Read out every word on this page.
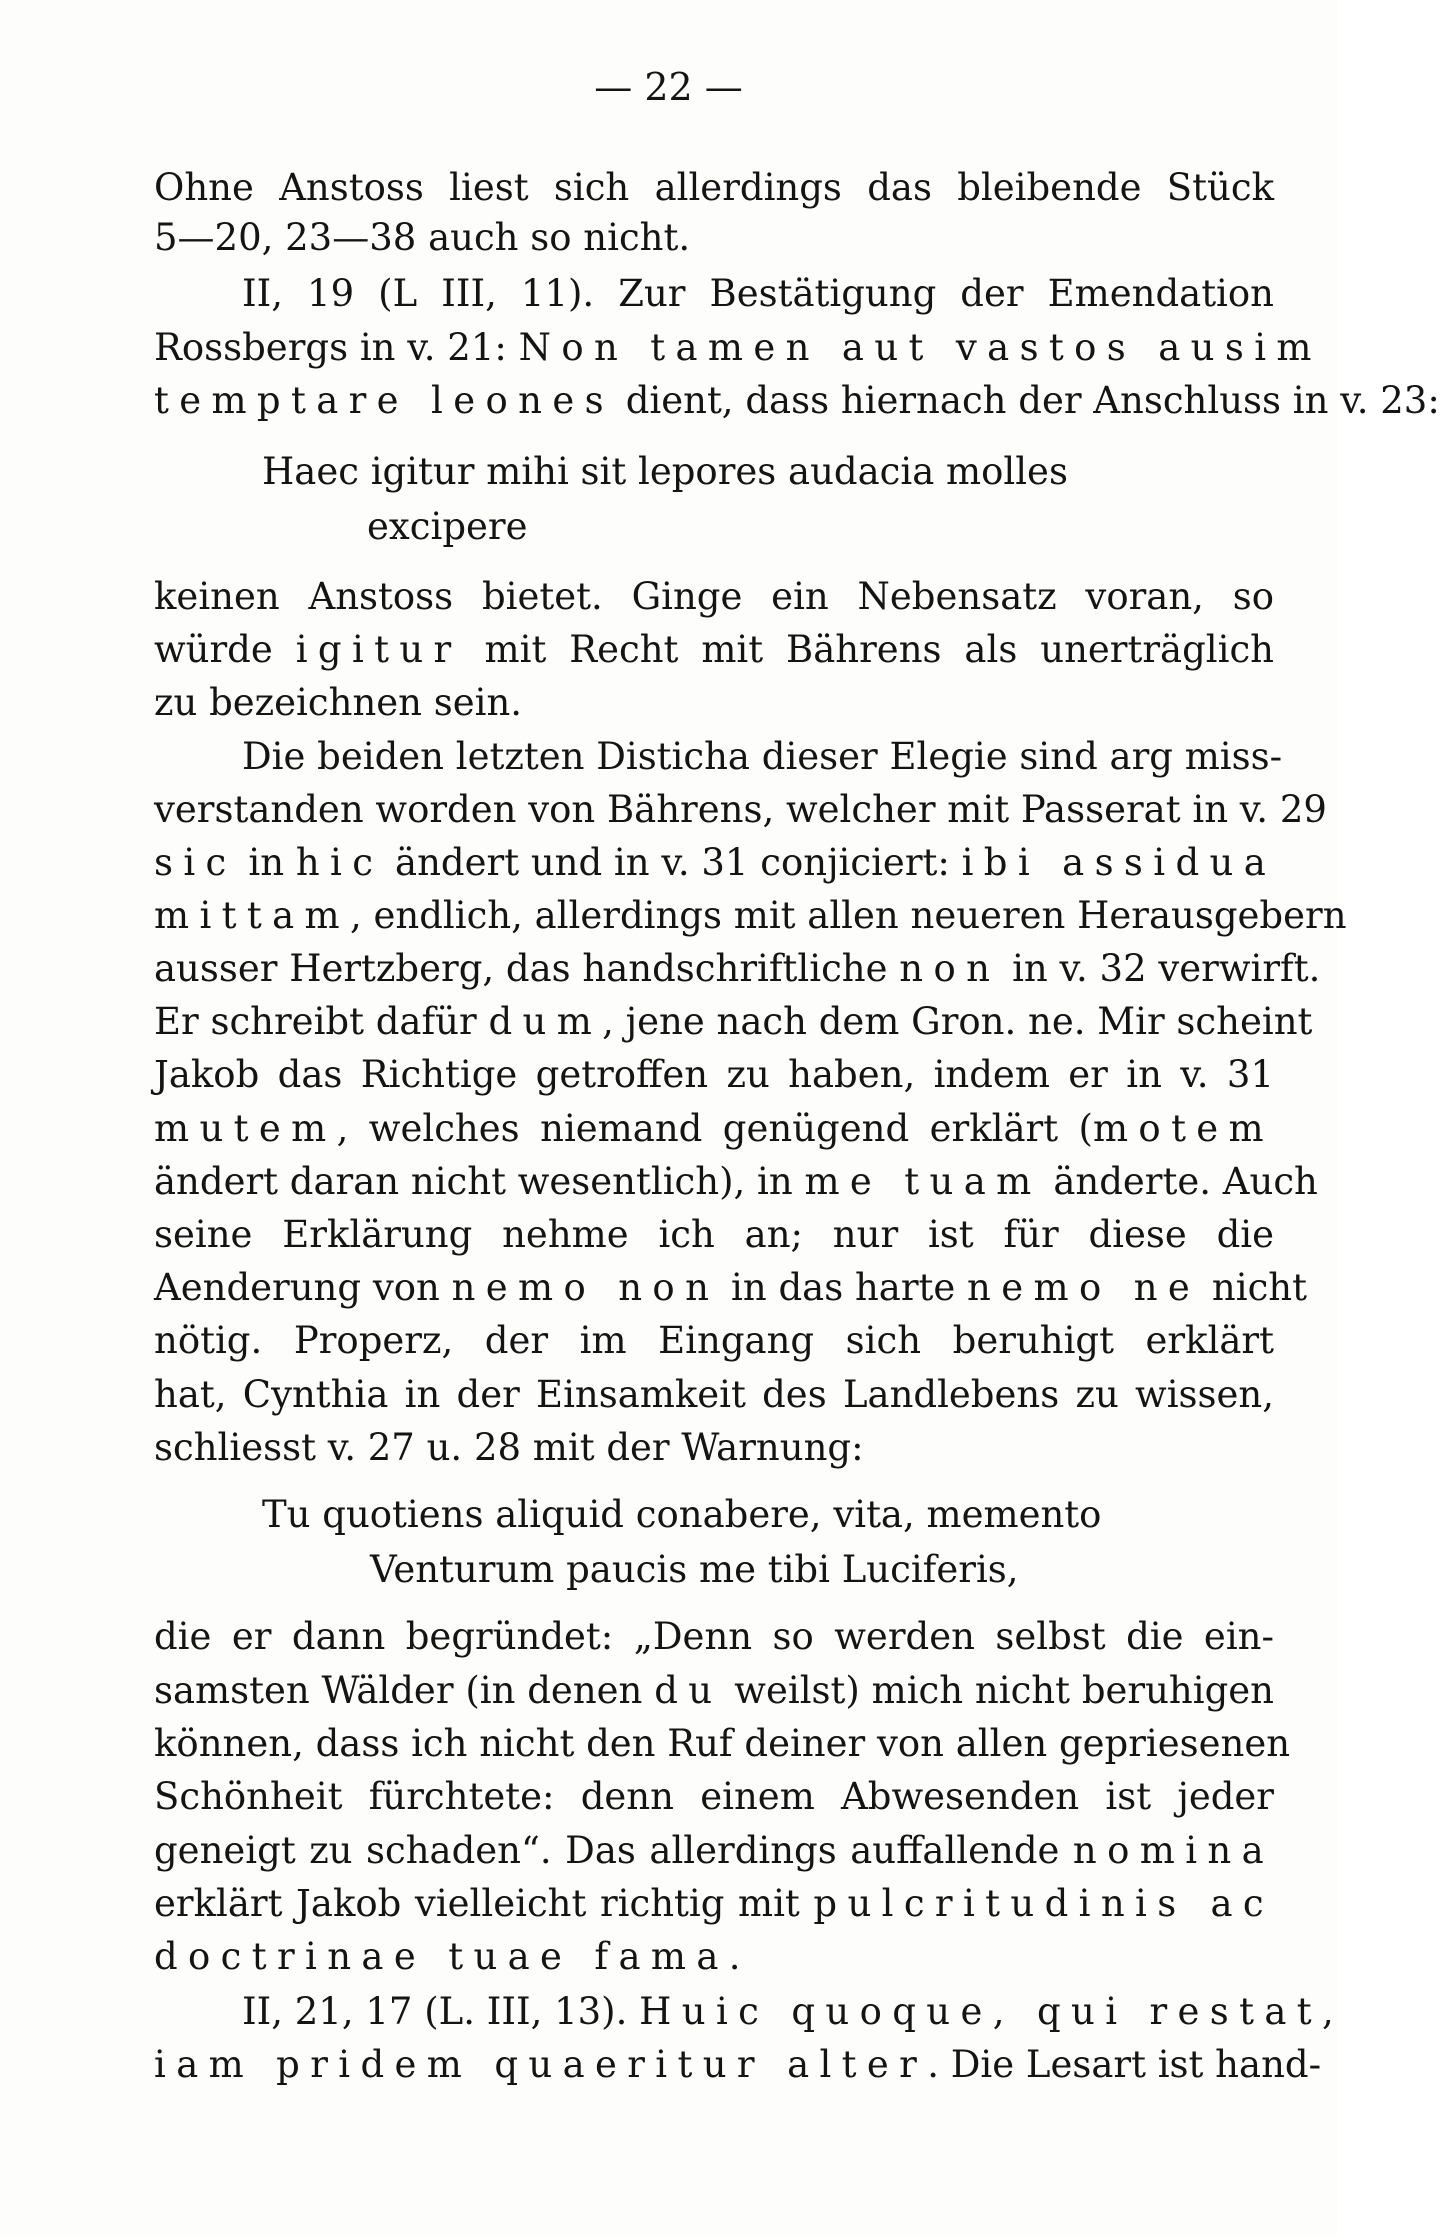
— 22 —
Ohne Anstoss liest sich allerdings das bleibende Stück
5—20, 23—38 auch so nicht.
II, 19 (L III, 11). Zur Bestätigung der Emendation
Rossbergs in v. 21: Non tamen aut vastos ausim
temptare leones dient, dass hiernach der Anschluss in v. 23:
Haec igitur mihi sit lepores audacia molles
excipere
keinen Anstoss bietet. Ginge ein Nebensatz voran, so
würde igitur mit Recht mit Bährens als unerträglich
zu bezeichnen sein.
Die beiden letzten Disticha dieser Elegie sind arg miss-
verstanden worden von Bährens, welcher mit Passerat in v. 29
sic in hic ändert und in v. 31 conjiciert: ibi assidua
mittam, endlich, allerdings mit allen neueren Herausgebern
ausser Hertzberg, das handschriftliche non in v. 32 verwirft.
Er schreibt dafür dum, jene nach dem Gron. ne. Mir scheint
Jakob das Richtige getroffen zu haben, indem er in v. 31
mutem, welches niemand genügend erklärt (motem
ändert daran nicht wesentlich), in me tuam änderte. Auch
seine Erklärung nehme ich an; nur ist für diese die
Aenderung von nemo non in das harte nemo ne nicht
nötig. Properz, der im Eingang sich beruhigt erklärt
hat, Cynthia in der Einsamkeit des Landlebens zu wissen,
schliesst v. 27 u. 28 mit der Warnung:
Tu quotiens aliquid conabere, vita, memento
Venturum paucis me tibi Luciferis,
die er dann begründet: „Denn so werden selbst die ein-
samsten Wälder (in denen du weilst) mich nicht beruhigen
können, dass ich nicht den Ruf deiner von allen gepriesenen
Schönheit fürchtete: denn einem Abwesenden ist jeder
geneigt zu schaden“. Das allerdings auffallende nomina
erklärt Jakob vielleicht richtig mit pulcritudinis ac
doctrinae tuae fama.
II, 21, 17 (L. III, 13). Huic quoque, qui restat,
iam pridem quaeritur alter. Die Lesart ist hand-
